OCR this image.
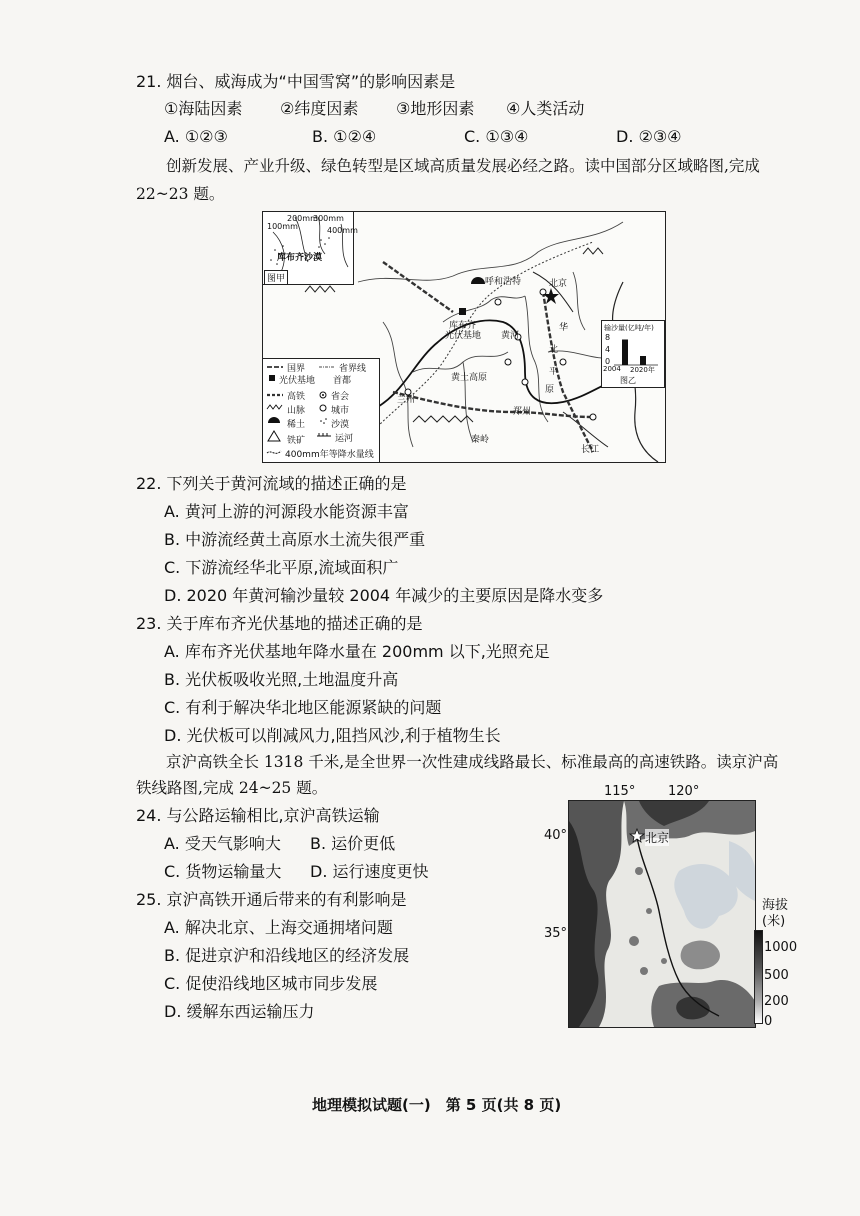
21. 烟台、威海成为“中国雪窝”的影响因素是
①海陆因素 ②纬度因素 ③地形因素 ④人类活动
A. ①②③	B. ①②④	C. ①③④	D. ②③④
创新发展、产业升级、绿色转型是区域高质量发展必经之路。读中国部分区域略图,完成
22~23 题。
100mm
200mm
300mm
400mm
库布齐沙漠
图甲
输沙量(亿吨/年)
8
4
0
2004 2020年
图乙
呼和浩特	北京
库布齐
光伏基地 黄河
华
北
平
原
黄土高原
兰州
郑州
秦岭
长江
国界	省界线
光伏基地 首都
高铁	省会
山脉	城市
稀土	沙漠
铁矿	运河
400mm年等降水量线
22. 下列关于黄河流域的描述正确的是
A. 黄河上游的河源段水能资源丰富
B. 中游流经黄土高原水土流失很严重
C. 下游流经华北平原,流域面积广
D. 2020 年黄河输沙量较 2004 年减少的主要原因是降水变多
23. 关于库布齐光伏基地的描述正确的是
A. 库布齐光伏基地年降水量在 200mm 以下,光照充足
B. 光伏板吸收光照,土地温度升高
C. 有利于解决华北地区能源紧缺的问题
D. 光伏板可以削减风力,阻挡风沙,利于植物生长
京沪高铁全长 1318 千米,是全世界一次性建成线路最长、标准最高的高速铁路。读京沪高
铁线路图,完成 24~25 题。
24. 与公路运输相比,京沪高铁运输
A. 受天气影响大 B. 运价更低
C. 货物运输量大 D. 运行速度更快
25. 京沪高铁开通后带来的有利影响是
A. 解决北京、上海交通拥堵问题
B. 促进京沪和沿线地区的经济发展
C. 促使沿线地区城市同步发展
D. 缓解东西运输压力
115°	120°
40°
35°
北京
海拔
(米)
1000
500
200
0
地理模拟试题(一)　第 5 页(共 8 页)
